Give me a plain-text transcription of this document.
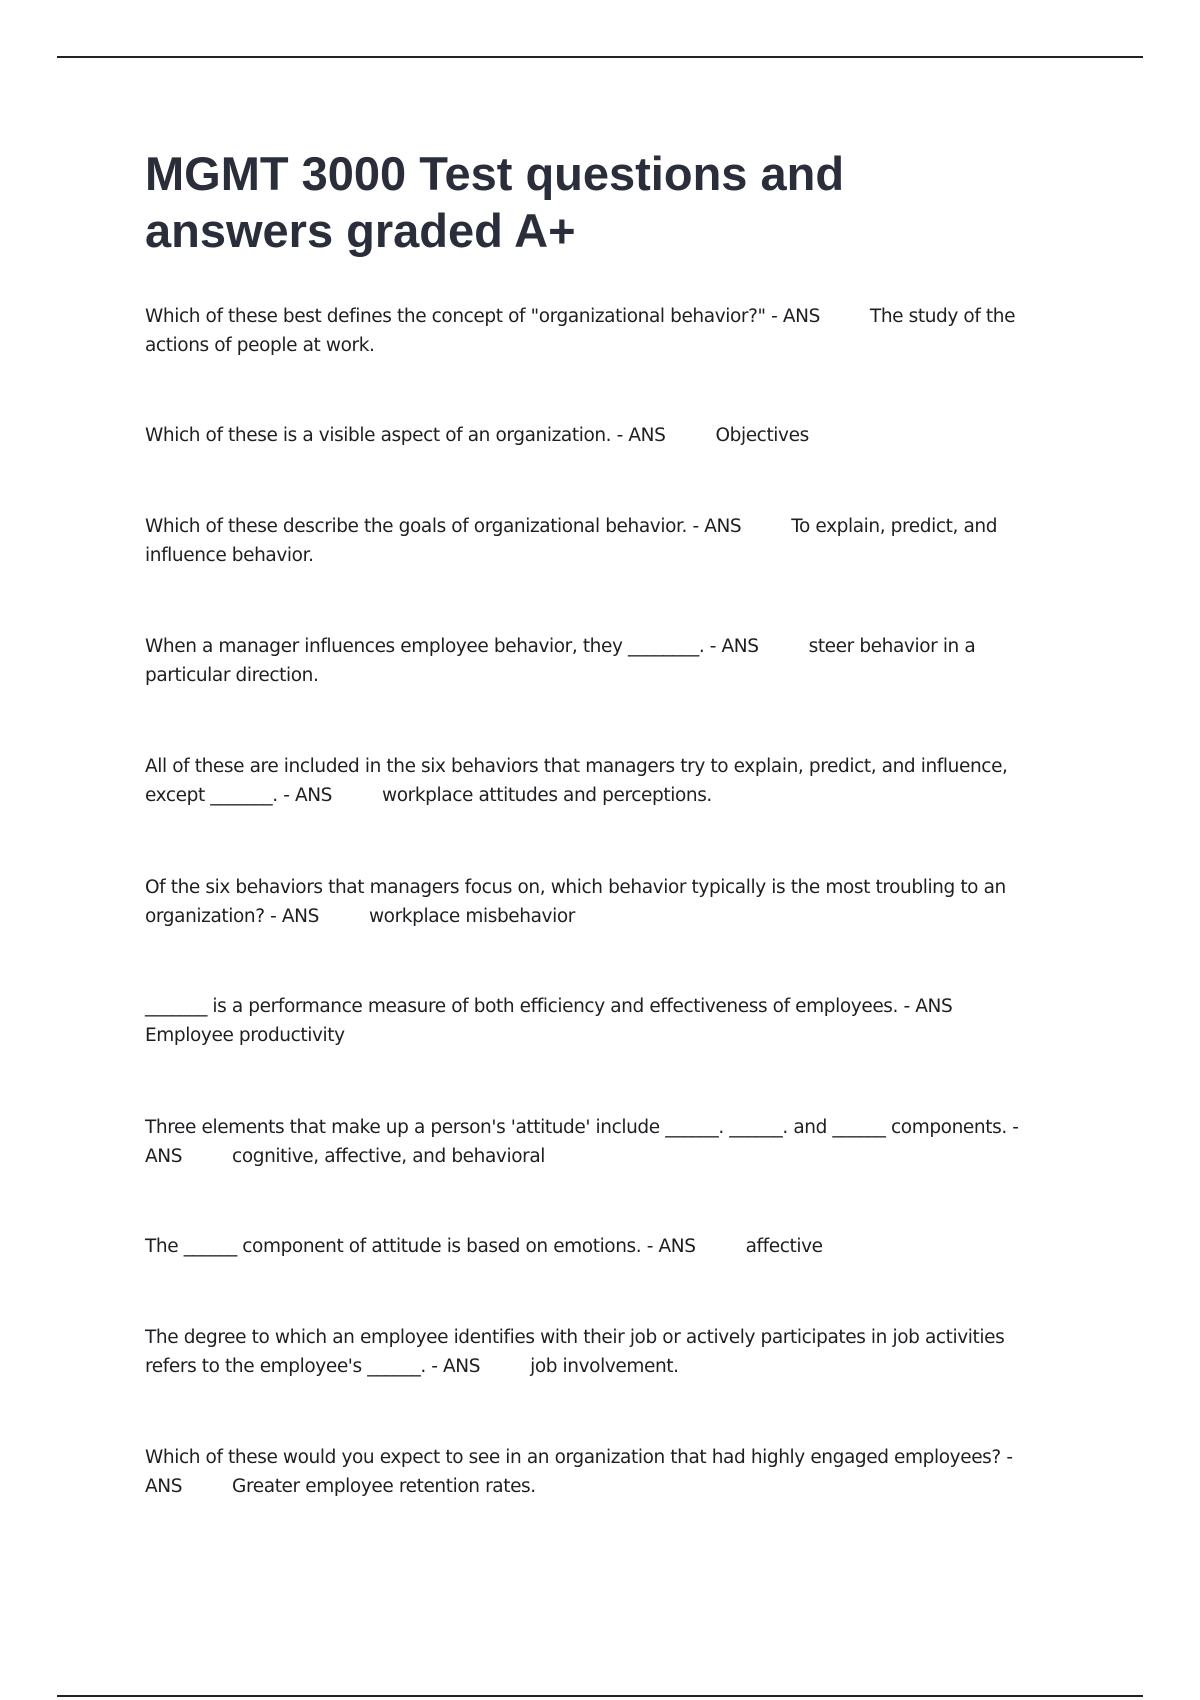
MGMT 3000 Test questions and answers graded A+

Which of these best defines the concept of "organizational behavior?" - ANS	The study of the actions of people at work.

Which of these is a visible aspect of an organization. - ANS	Objectives

Which of these describe the goals of organizational behavior. - ANS	To explain, predict, and influence behavior.

When a manager influences employee behavior, they ________. - ANS	steer behavior in a particular direction.

All of these are included in the six behaviors that managers try to explain, predict, and influence, except _______. - ANS	workplace attitudes and perceptions.

Of the six behaviors that managers focus on, which behavior typically is the most troubling to an organization? - ANS	workplace misbehavior

_______ is a performance measure of both efficiency and effectiveness of employees. - ANSEmployee productivity

Three elements that make up a person's 'attitude' include ______. ______. and ______ components. - ANS	cognitive, affective, and behavioral

The ______ component of attitude is based on emotions. - ANS	affective

The degree to which an employee identifies with their job or actively participates in job activities refers to the employee's ______. - ANS	job involvement.

Which of these would you expect to see in an organization that had highly engaged employees? - ANS	Greater employee retention rates.
